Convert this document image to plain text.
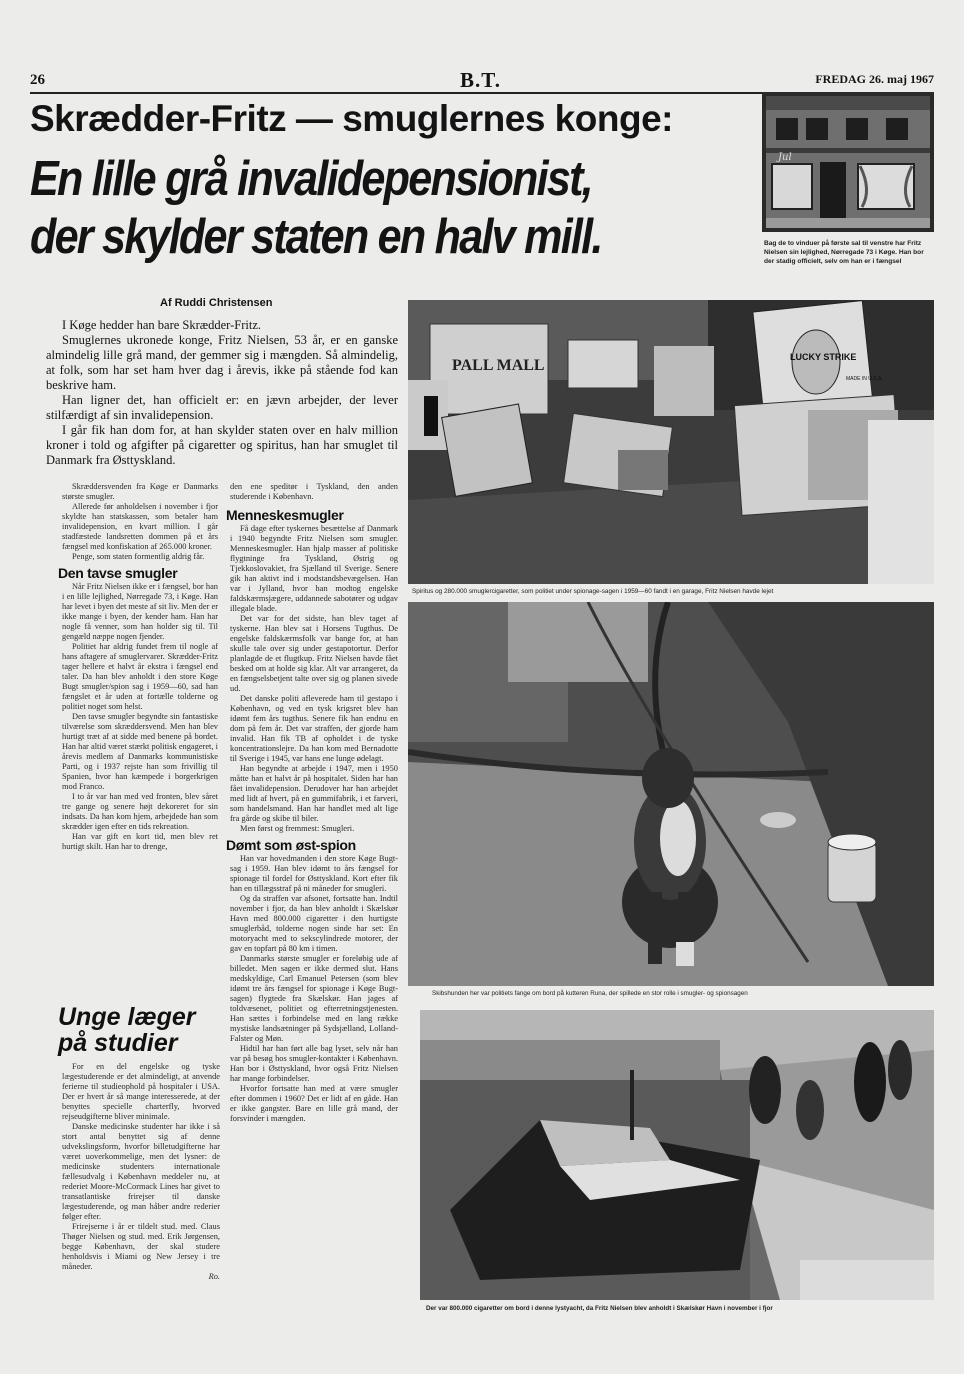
26	B.T.	FREDAG 26. maj 1967
Skrædder-Fritz — smuglernes konge:
En lille grå invalidepensionist,
der skylder staten en halv mill.
Jul
Bag de to vinduer på første sal til venstre har Fritz Nielsen sin lejlighed, Nørregade 73 i Køge. Han bor der stadig officielt, selv om han er i fængsel
Af Ruddi Christensen

I Køge hedder han bare Skrædder-Fritz.

Smuglernes ukronede konge, Fritz Nielsen, 53 år, er en ganske almindelig lille grå mand, der gemmer sig i mængden. Så almindelig, at folk, som har set ham hver dag i årevis, ikke på stående fod kan beskrive ham.

Han ligner det, han officielt er: en jævn arbejder, der lever stilfærdigt af sin invalidepension.

I går fik han dom for, at han skylder staten over en halv million kroner i told og afgifter på cigaretter og spiritus, han har smuglet til Danmark fra Østtyskland.

Skræddersvenden fra Køge er Danmarks største smugler.

Allerede før anholdelsen i november i fjor skyldte han statskassen, som betaler ham invalidepension, en kvart million. I går stadfæstede landsretten dommen på et års fængsel med konfiskation af 265.000 kroner.

Penge, som staten formentlig aldrig får.

Den tavse smugler

Når Fritz Nielsen ikke er i fængsel, bor han i en lille lejlighed, Nørregade 73, i Køge. Han har levet i byen det meste af sit liv. Men der er ikke mange i byen, der kender ham. Han har nogle få venner, som han holder sig til. Til gengæld næppe nogen fjender.

Politiet har aldrig fundet frem til nogle af hans aftagere af smuglervarer. Skrædder-Fritz tager hellere et halvt år ekstra i fængsel end taler. Da han blev anholdt i den store Køge Bugt smugler/spion sag i 1959—60, sad han fængslet et år uden at fortælle tolderne og politiet noget som helst.

Den tavse smugler begyndte sin fantastiske tilværelse som skræddersvend. Men han blev hurtigt træt af at sidde med benene på bordet. Han har altid været stærkt politisk engageret, i årevis medlem af Danmarks kommunistiske Parti, og i 1937 rejste han som frivillig til Spanien, hvor han kæmpede i borgerkrigen mod Franco.

I to år var han med ved fronten, blev såret tre gange og senere højt dekoreret for sin indsats. Da han kom hjem, arbejdede han som skrædder igen efter en tids rekreation.

Han var gift en kort tid, men blev ret hurtigt skilt. Han har to drenge,

Unge læger
på studier

For en del engelske og tyske lægestuderende er det almindeligt, at anvende ferierne til studieophold på hospitaler i USA. Der er hvert år så mange interesserede, at der benyttes specielle charterfly, hvorved rejseudgifterne bliver minimale.

Danske medicinske studenter har ikke i så stort antal benyttet sig af denne udvekslingsform, hvorfor billetudgifterne har været uoverkommelige, men det lysner: de medicinske studenters internationale fællesudvalg i København meddeler nu, at rederiet Moore-McCormack Lines har givet to transatlantiske frirejser til danske lægestuderende, og man håber andre rederier følger efter.

Frirejserne i år er tildelt stud. med. Claus Thøger Nielsen og stud. med. Erik Jørgensen, begge København, der skal studere henholdsvis i Miami og New Jersey i tre måneder.

Ro.

den ene speditør i Tyskland, den anden studerende i København.

Menneskesmugler

Få dage efter tyskernes besættelse af Danmark i 1940 begyndte Fritz Nielsen som smugler. Menneskesmugler. Han hjalp masser af politiske flygtninge fra Tyskland, Østrig og Tjekkoslovakiet, fra Sjælland til Sverige. Senere gik han aktivt ind i modstandsbevægelsen. Han var i Jylland, hvor han modtog engelske faldskærmsjægere, uddannede sabotører og udgav illegale blade.

Det var for det sidste, han blev taget af tyskerne. Han blev sat i Horsens Tugthus. De engelske faldskærmsfolk var bange for, at han skulle tale over sig under gestapotortur. Derfor planlagde de et flugtkup. Fritz Nielsen havde fået besked om at holde sig klar. Alt var arrangeret, da en fængselsbetjent talte over sig og planen sivede ud.

Det danske politi afleverede ham til gestapo i København, og ved en tysk krigsret blev han idømt fem års tugthus. Senere fik han endnu en dom på fem år. Det var straffen, der gjorde ham invalid. Han fik TB af opholdet i de tyske koncentrationslejre. Da han kom med Bernadotte til Sverige i 1945, var hans ene lunge ødelagt.

Han begyndte at arbejde i 1947, men i 1950 måtte han et halvt år på hospitalet. Siden har han fået invalidepension. Derudover har han arbejdet med lidt af hvert, på en gummifabrik, i et farveri, som handelsmand. Han har handlet med alt lige fra gårde og skibe til biler.

Men først og fremmest: Smugleri.

Dømt som øst-spion

Han var hovedmanden i den store Køge Bugt-sag i 1959. Han blev idømt to års fængsel for spionage til fordel for Østtyskland. Kort efter fik han en tillægsstraf på ni måneder for smugleri.

Og da straffen var afsonet, fortsatte han. Indtil november i fjor, da han blev anholdt i Skælskør Havn med 800.000 cigaretter i den hurtigste smuglerbåd, tolderne nogen sinde har set: En motoryacht med to sekscylindrede motorer, der gav en topfart på 80 km i timen.

Danmarks største smugler er foreløbig ude af billedet. Men sagen er ikke dermed slut. Hans medskyldige, Carl Emanuel Petersen (som blev idømt tre års fængsel for spionage i Køge Bugt-sagen) flygtede fra Skælskør. Han jages af toldvæsenet, politiet og efterretningstjenesten. Han sættes i forbindelse med en lang række mystiske landsætninger på Sydsjælland, Lolland-Falster og Møn.

Hidtil har han ført alle bag lyset, selv når han var på besøg hos smugler-kontakter i København. Han bor i Østtyskland, hvor også Fritz Nielsen har mange forbindelser.

Hvorfor fortsatte han med at være smugler efter dommen i 1960? Det er lidt af en gåde. Han er ikke gangster. Bare en lille grå mand, der forsvinder i mængden.

PALL MALL	LUCKY STRIKE
MADE IN U.S.A.
Spiritus og 280.000 smuglercigaretter, som politiet under spionage-sagen i 1959—60 fandt i en garage, Fritz Nielsen havde lejet
Skibshunden her var politiets fange om bord på kutteren Runa, der spillede en stor rolle i smugler- og spionsagen
Der var 800.000 cigaretter om bord i denne lystyacht, da Fritz Nielsen blev anholdt i Skælskør Havn i november i fjor
